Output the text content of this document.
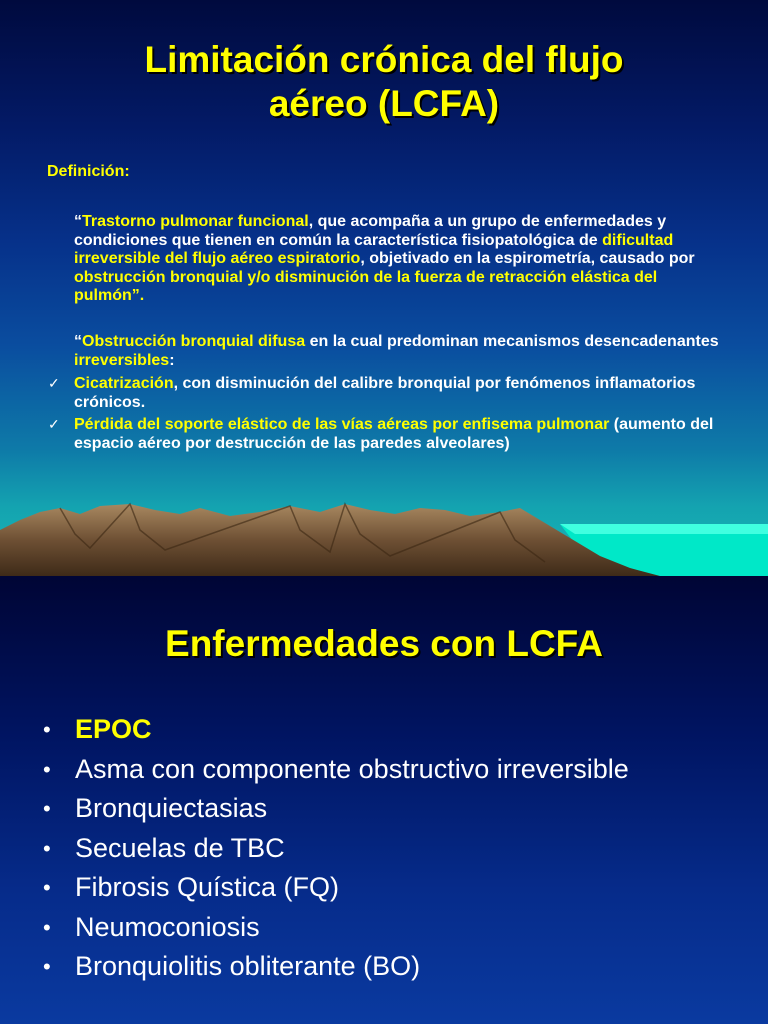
Limitación crónica del flujo
aéreo (LCFA)
Definición:
“Trastorno pulmonar funcional, que acompaña a un grupo de enfermedades y condiciones que tienen en común la característica fisiopatológica de dificultad irreversible del flujo aéreo espiratorio, objetivado en la espirometría, causado por obstrucción bronquial y/o disminución de la fuerza de retracción elástica del pulmón”.
“Obstrucción bronquial difusa en la cual predominan mecanismos desencadenantes irreversibles:
✓ Cicatrización, con disminución del calibre bronquial por fenómenos inflamatorios crónicos.
✓ Pérdida del soporte elástico de las vías aéreas por enfisema pulmonar (aumento del espacio aéreo por destrucción de las paredes alveolares)
Enfermedades con LCFA
• EPOC
• Asma con componente obstructivo irreversible
• Bronquiectasias
• Secuelas de TBC
• Fibrosis Quística (FQ)
• Neumoconiosis
• Bronquiolitis obliterante (BO)
